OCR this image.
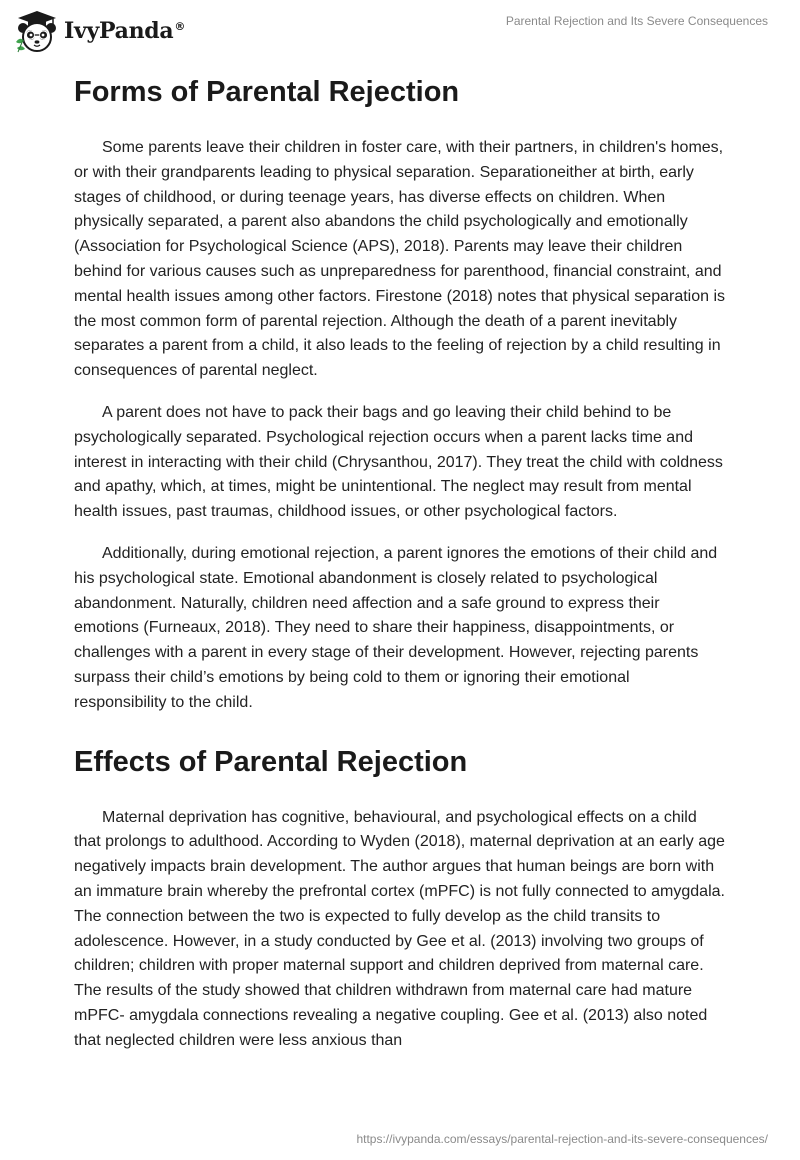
IvyPanda®	Parental Rejection and Its Severe Consequences
Forms of Parental Rejection

Some parents leave their children in foster care, with their partners, in children's homes, or with their grandparents leading to physical separation. Separationeither at birth, early stages of childhood, or during teenage years, has diverse effects on children. When physically separated, a parent also abandons the child psychologically and emotionally (Association for Psychological Science (APS), 2018). Parents may leave their children behind for various causes such as unpreparedness for parenthood, financial constraint, and mental health issues among other factors. Firestone (2018) notes that physical separation is the most common form of parental rejection. Although the death of a parent inevitably separates a parent from a child, it also leads to the feeling of rejection by a child resulting in consequences of parental neglect.

A parent does not have to pack their bags and go leaving their child behind to be psychologically separated. Psychological rejection occurs when a parent lacks time and interest in interacting with their child (Chrysanthou, 2017). They treat the child with coldness and apathy, which, at times, might be unintentional. The neglect may result from mental health issues, past traumas, childhood issues, or other psychological factors.

Additionally, during emotional rejection, a parent ignores the emotions of their child and his psychological state. Emotional abandonment is closely related to psychological abandonment. Naturally, children need affection and a safe ground to express their emotions (Furneaux, 2018). They need to share their happiness, disappointments, or challenges with a parent in every stage of their development. However, rejecting parents surpass their child’s emotions by being cold to them or ignoring their emotional responsibility to the child.

Effects of Parental Rejection

Maternal deprivation has cognitive, behavioural, and psychological effects on a child that prolongs to adulthood. According to Wyden (2018), maternal deprivation at an early age negatively impacts brain development. The author argues that human beings are born with an immature brain whereby the prefrontal cortex (mPFC) is not fully connected to amygdala. The connection between the two is expected to fully develop as the child transits to adolescence. However, in a study conducted by Gee et al. (2013) involving two groups of children; children with proper maternal support and children deprived from maternal care. The results of the study showed that children withdrawn from maternal care had mature mPFC- amygdala connections revealing a negative coupling. Gee et al. (2013) also noted that neglected children were less anxious than

https://ivypanda.com/essays/parental-rejection-and-its-severe-consequences/
